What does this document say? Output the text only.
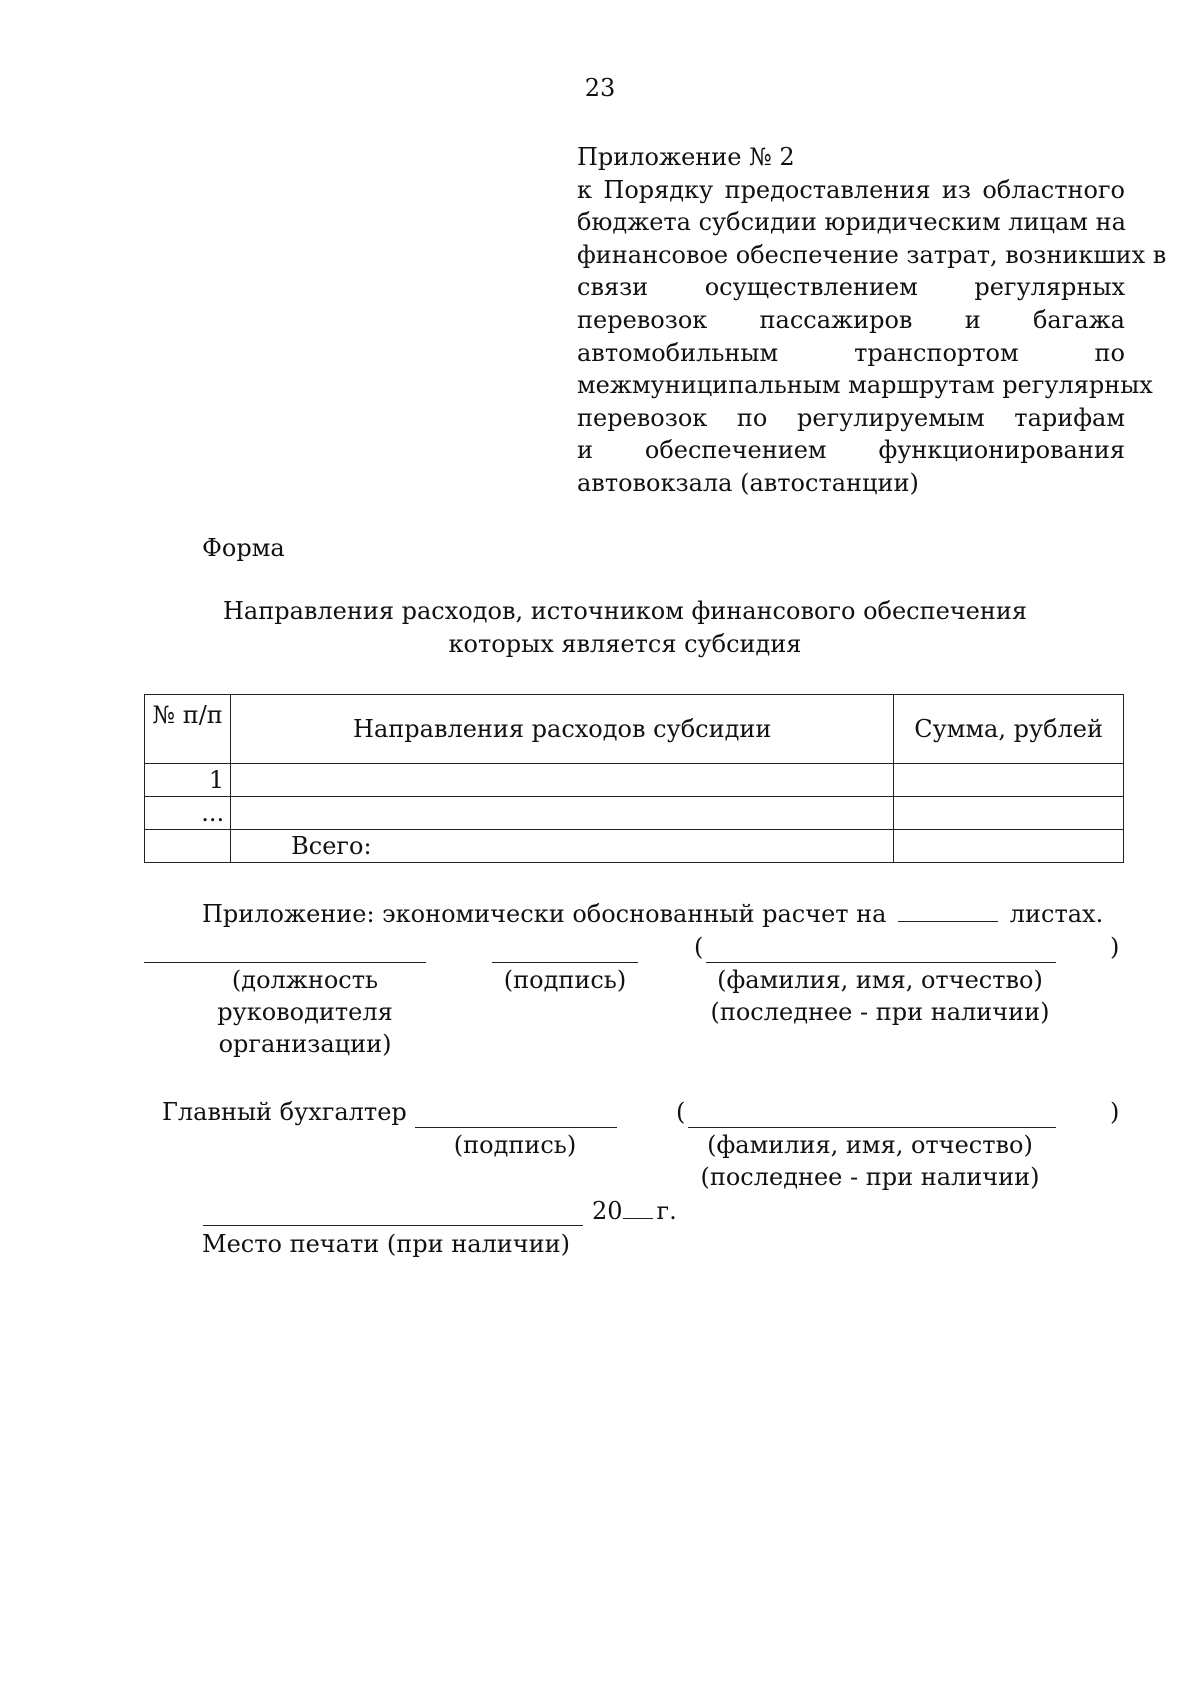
23
Приложение № 2
к Порядку предоставления из областного
бюджета субсидии юридическим лицам на
финансовое обеспечение затрат, возникших в
связи осуществлением регулярных
перевозок пассажиров и багажа
автомобильным транспортом по
межмуниципальным маршрутам регулярных
перевозок по регулируемым тарифам
и обеспечением функционирования
автовокзала (автостанции)
Форма
Направления расходов, источником финансового обеспечения
которых является субсидия
№ п/п	Направления расходов субсидии	Сумма, рублей
1		
...		
	Всего:	
Приложение: экономически обоснованный расчет на	листах.
(	)
(должность
руководителя
организации)
(подпись)	(фамилия, имя, отчество)
(последнее - при наличии)
Главный бухгалтер	(	)
(подпись)	(фамилия, имя, отчество)
(последнее - при наличии)
20 г.
Место печати (при наличии)
